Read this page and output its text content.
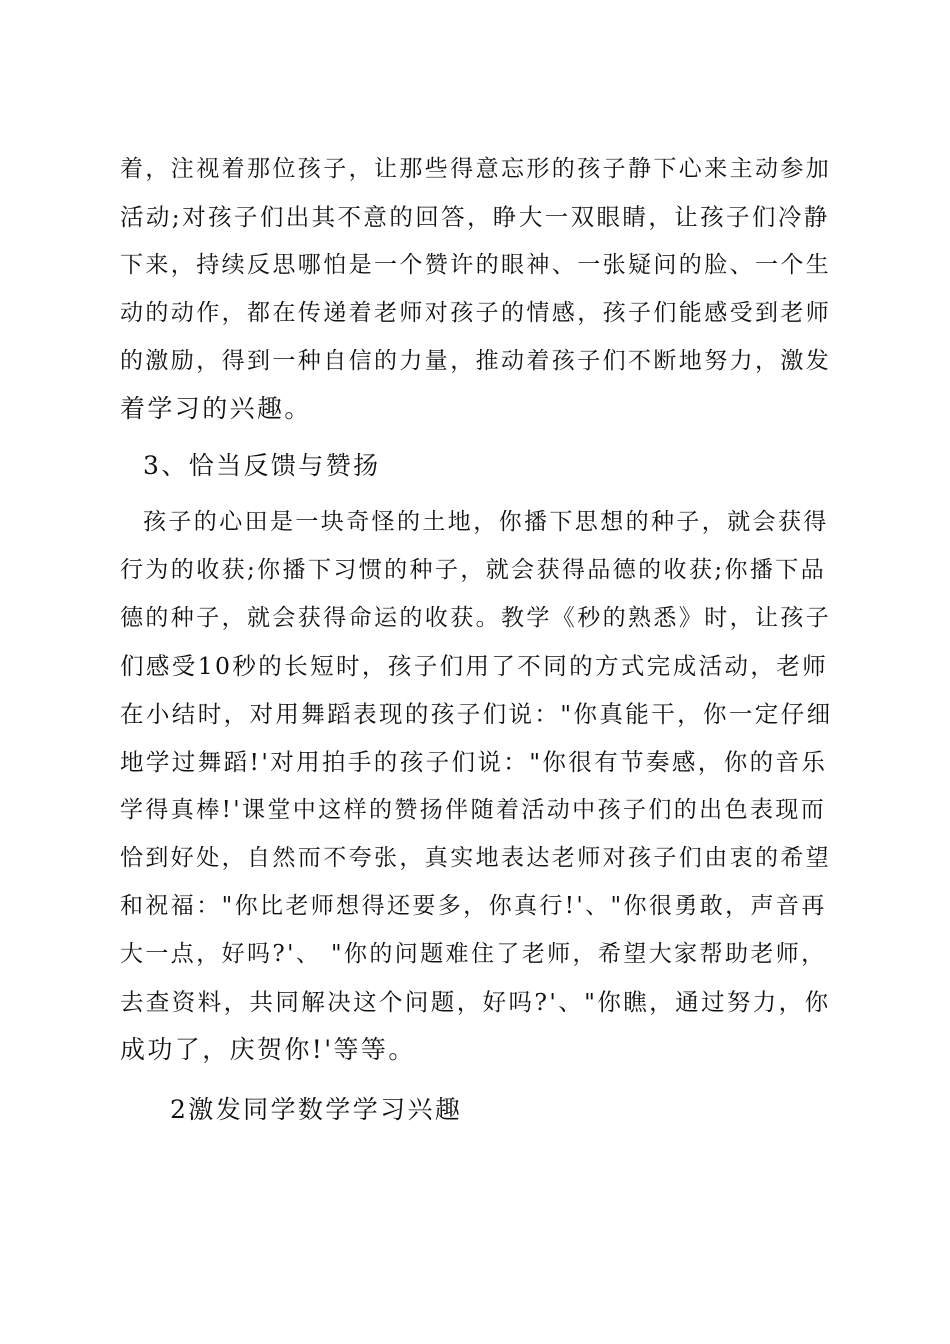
着，注视着那位孩子，让那些得意忘形的孩子静下心来主动参加
活动;对孩子们出其不意的回答，睁大一双眼睛，让孩子们冷静
下来，持续反思哪怕是一个赞许的眼神、一张疑问的脸、一个生
动的动作，都在传递着老师对孩子的情感，孩子们能感受到老师
的激励，得到一种自信的力量，推动着孩子们不断地努力，激发
着学习的兴趣。
3、恰当反馈与赞扬
孩子的心田是一块奇怪的土地，你播下思想的种子，就会获得
行为的收获;你播下习惯的种子，就会获得品德的收获;你播下品
德的种子，就会获得命运的收获。教学《秒的熟悉》时，让孩子
们感受10秒的长短时，孩子们用了不同的方式完成活动，老师
在小结时，对用舞蹈表现的孩子们说："你真能干，你一定仔细
地学过舞蹈!'对用拍手的孩子们说："你很有节奏感，你的音乐
学得真棒!'课堂中这样的赞扬伴随着活动中孩子们的出色表现而
恰到好处，自然而不夸张，真实地表达老师对孩子们由衷的希望
和祝福："你比老师想得还要多，你真行!'、"你很勇敢，声音再
大一点，好吗?'、 "你的问题难住了老师，希望大家帮助老师，
去查资料，共同解决这个问题，好吗?'、"你瞧，通过努力，你
成功了，庆贺你!'等等。
2激发同学数学学习兴趣
